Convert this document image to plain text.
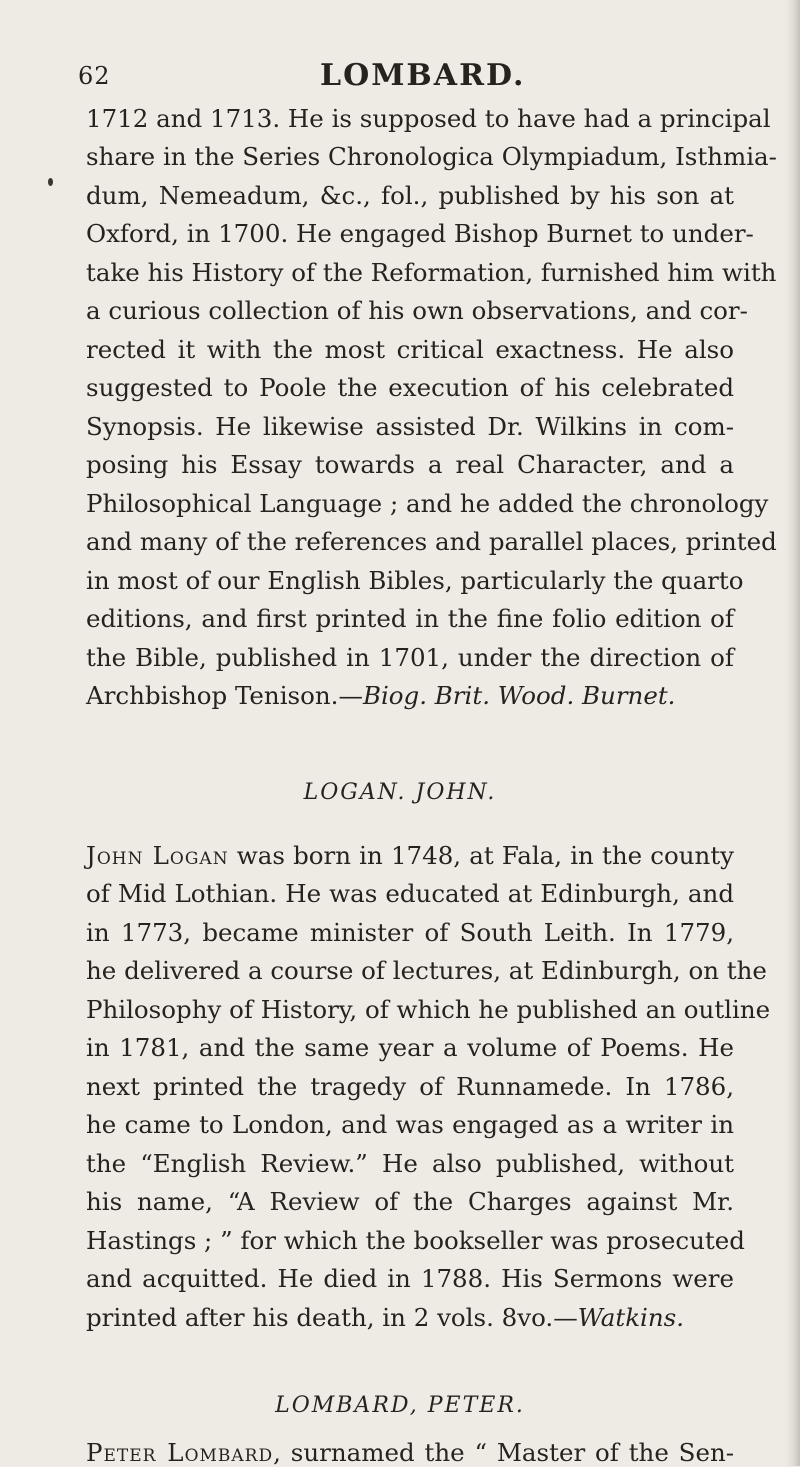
62	LOMBARD.
1712 and 1713. He is supposed to have had a principal
share in the Series Chronologica Olympiadum, Isthmia-
dum, Nemeadum, &c., fol., published by his son at
Oxford, in 1700. He engaged Bishop Burnet to under-
take his History of the Reformation, furnished him with
a curious collection of his own observations, and cor-
rected it with the most critical exactness. He also
suggested to Poole the execution of his celebrated
Synopsis. He likewise assisted Dr. Wilkins in com-
posing his Essay towards a real Character, and a
Philosophical Language ; and he added the chronology
and many of the references and parallel places, printed
in most of our English Bibles, particularly the quarto
editions, and first printed in the fine folio edition of
the Bible, published in 1701, under the direction of
Archbishop Tenison.—Biog. Brit. Wood. Burnet.
LOGAN. JOHN.
John Logan was born in 1748, at Fala, in the county
of Mid Lothian. He was educated at Edinburgh, and
in 1773, became minister of South Leith. In 1779,
he delivered a course of lectures, at Edinburgh, on the
Philosophy of History, of which he published an outline
in 1781, and the same year a volume of Poems. He
next printed the tragedy of Runnamede. In 1786,
he came to London, and was engaged as a writer in
the “English Review.” He also published, without
his name, “A Review of the Charges against Mr.
Hastings ; ” for which the bookseller was prosecuted
and acquitted. He died in 1788. His Sermons were
printed after his death, in 2 vols. 8vo.—Watkins.
LOMBARD, PETER.
Peter Lombard, surnamed the “ Master of the Sen-
